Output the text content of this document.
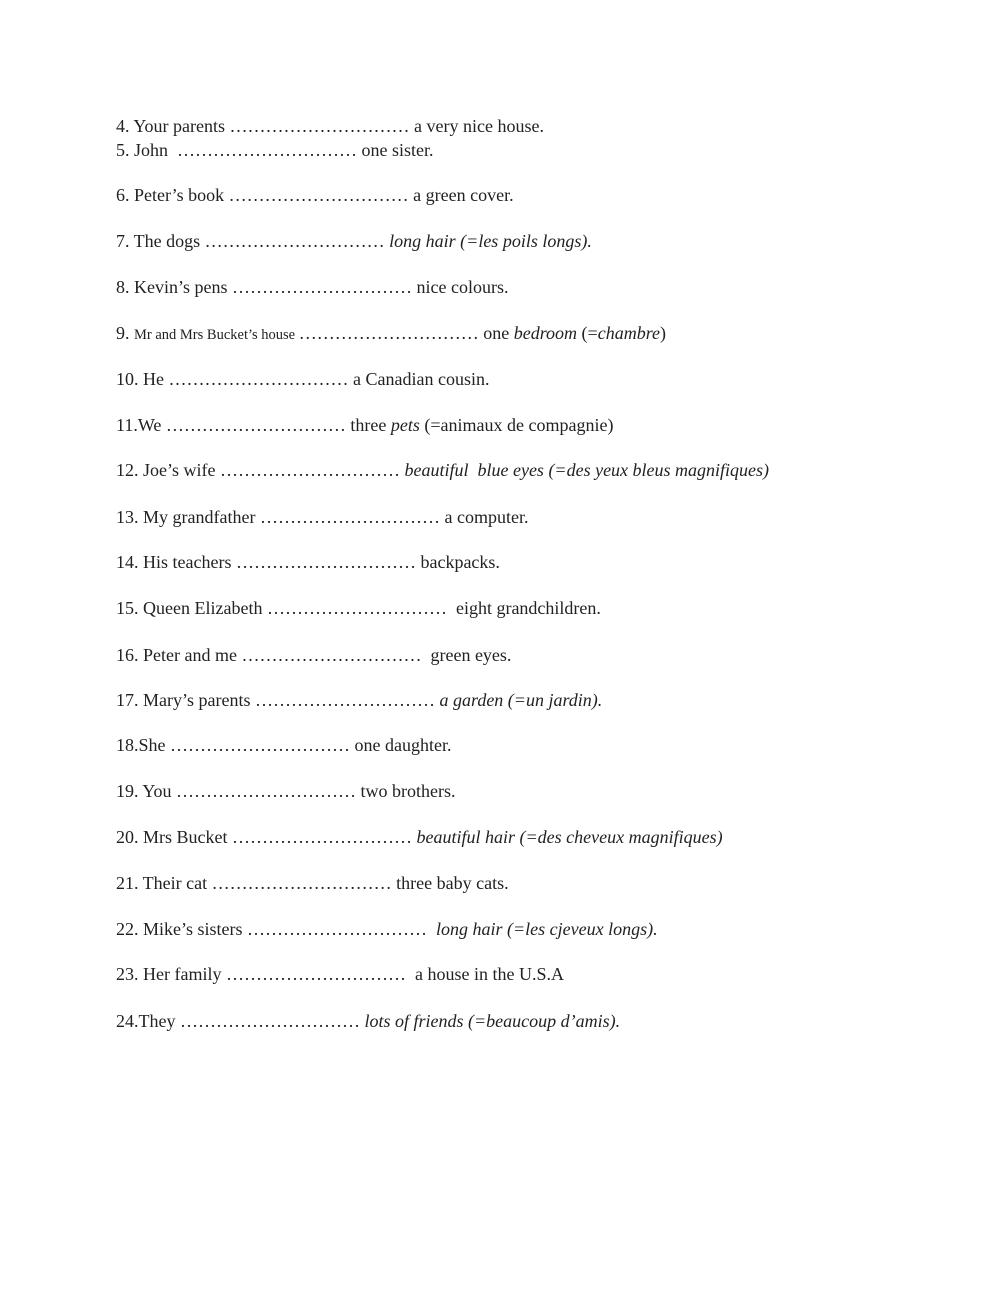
4. Your parents ………………………… a very nice house.
5. John  ………………………… one sister.
6. Peter’s book ………………………… a green cover.
7. The dogs ………………………… long hair (=les poils longs).
8. Kevin’s pens ………………………… nice colours.
9. Mr and Mrs Bucket’s house ………………………… one bedroom (=chambre)
10. He ………………………… a Canadian cousin.
11.We ………………………… three pets (=animaux de compagnie)
12. Joe’s wife ………………………… beautiful  blue eyes (=des yeux bleus magnifiques)
13. My grandfather ………………………… a computer.
14. His teachers ………………………… backpacks.
15. Queen Elizabeth …………………………  eight grandchildren.
16. Peter and me …………………………  green eyes.
17. Mary’s parents ………………………… a garden (=un jardin).
18.She ………………………… one daughter.
19. You ………………………… two brothers.
20. Mrs Bucket ………………………… beautiful hair (=des cheveux magnifiques)
21. Their cat ………………………… three baby cats.
22. Mike’s sisters ………………………… long hair (=les cjeveux longs).
23. Her family …………………………  a house in the U.S.A
24.They ………………………… lots of friends (=beaucoup d’amis).
